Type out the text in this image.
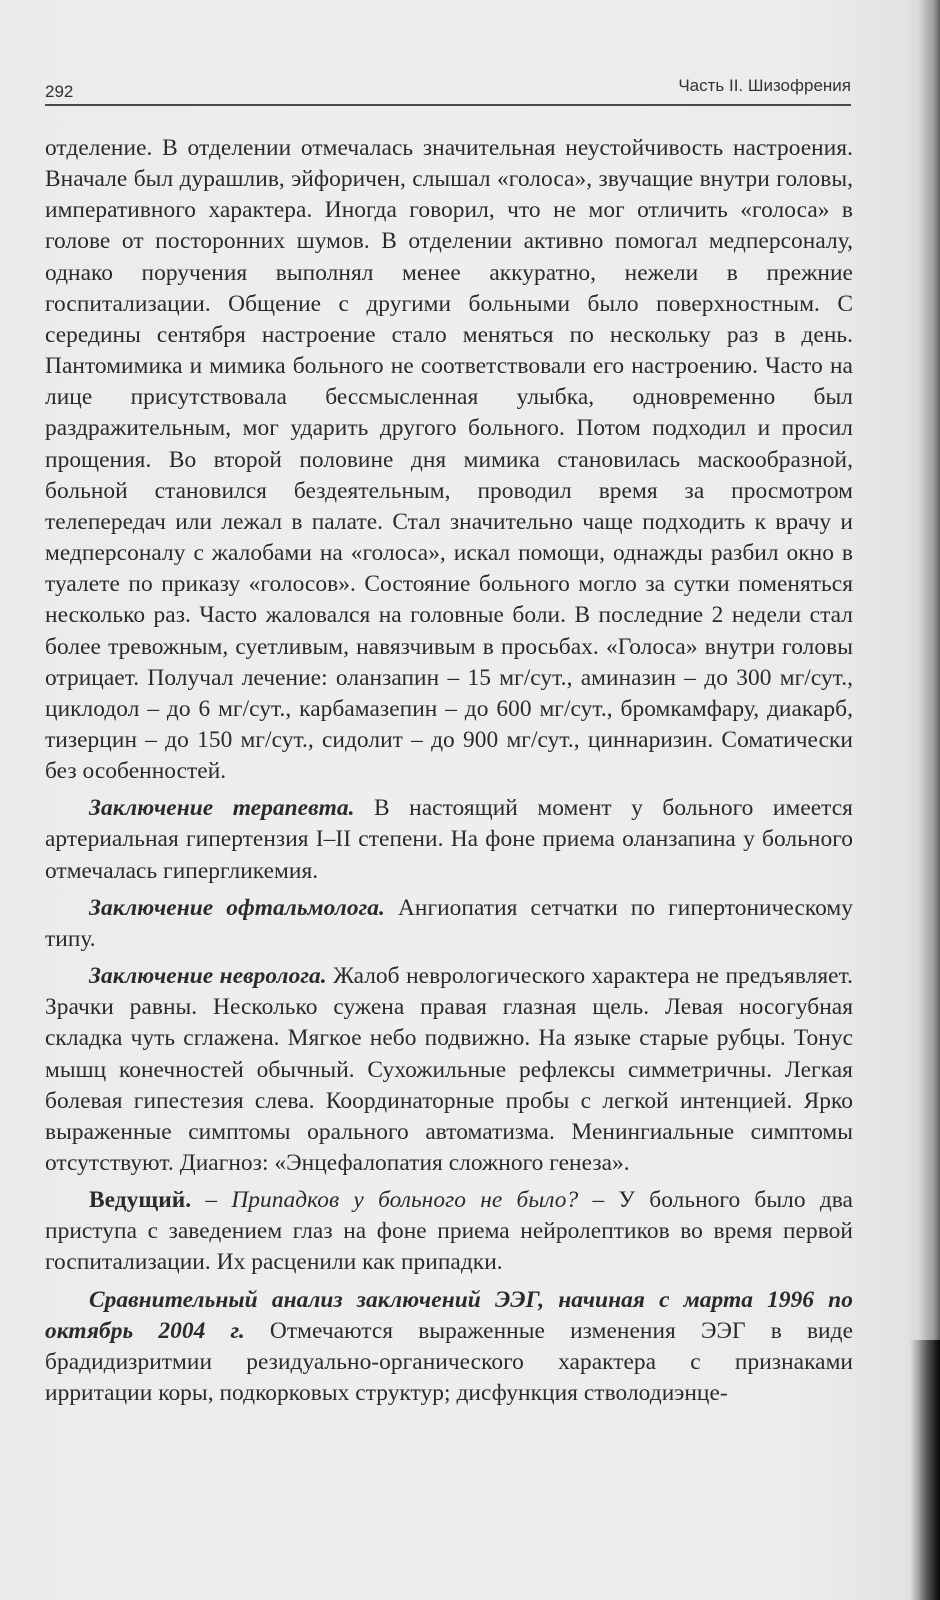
292	Часть II. Шизофрения

отделение. В отделении отмечалась значительная неустойчивость настроения. Вначале был дурашлив, эйфоричен, слышал «голоса», звучащие внутри головы, императивного характера. Иногда говорил, что не мог отличить «голоса» в голове от посторонних шумов. В отделении активно помогал медперсоналу, однако поручения выполнял менее аккуратно, нежели в прежние госпитализации. Общение с другими больными было поверхностным. С середины сентября настроение стало меняться по нескольку раз в день. Пантомимика и мимика больного не соответствовали его настроению. Часто на лице присутствовала бессмысленная улыбка, одновременно был раздражительным, мог ударить другого больного. Потом подходил и просил прощения. Во второй половине дня мимика становилась маскообразной, больной становился бездеятельным, проводил время за просмотром телепередач или лежал в палате. Стал значительно чаще подходить к врачу и медперсоналу с жалобами на «голоса», искал помощи, однажды разбил окно в туалете по приказу «голосов». Состояние больного могло за сутки поменяться несколько раз. Часто жаловался на головные боли. В последние 2 недели стал более тревожным, суетливым, навязчивым в просьбах. «Голоса» внутри головы отрицает. Получал лечение: оланзапин – 15 мг/сут., аминазин – до 300 мг/сут., циклодол – до 6 мг/сут., карбамазепин – до 600 мг/сут., бромкамфару, диакарб, тизерцин – до 150 мг/сут., сидолит – до 900 мг/сут., циннаризин. Соматически без особенностей.

Заключение терапевта. В настоящий момент у больного имеется артериальная гипертензия I–II степени. На фоне приема оланзапина у больного отмечалась гипергликемия.

Заключение офтальмолога. Ангиопатия сетчатки по гипертоническому типу.

Заключение невролога. Жалоб неврологического характера не предъявляет. Зрачки равны. Несколько сужена правая глазная щель. Левая носогубная складка чуть сглажена. Мягкое небо подвижно. На языке старые рубцы. Тонус мышц конечностей обычный. Сухожильные рефлексы симметричны. Легкая болевая гипестезия слева. Координаторные пробы с легкой интенцией. Ярко выраженные симптомы орального автоматизма. Менингиальные симптомы отсутствуют. Диагноз: «Энцефалопатия сложного генеза».

Ведущий. – Припадков у больного не было? – У больного было два приступа с заведением глаз на фоне приема нейролептиков во время первой госпитализации. Их расценили как припадки.

Сравнительный анализ заключений ЭЭГ, начиная с марта 1996 по октябрь 2004 г. Отмечаются выраженные изменения ЭЭГ в виде брадидизритмии резидуально-органического характера с признаками ирритации коры, подкорковых структур; дисфункция стволодиэнце-
